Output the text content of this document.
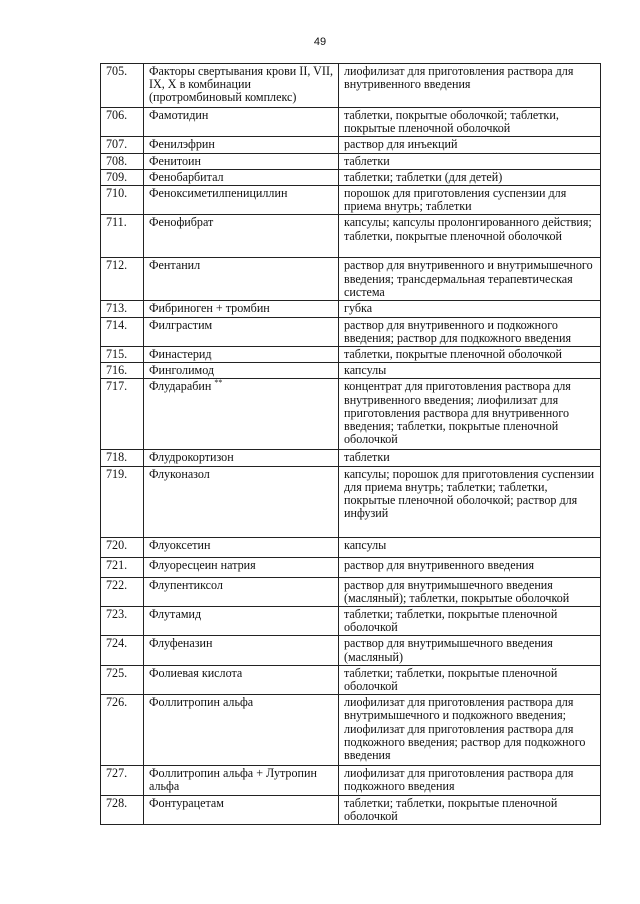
49
705.	Факторы свертывания крови II, VII, IX, X в комбинации (протромбиновый комплекс)	лиофилизат для приготовления раствора для внутривенного введения
706.	Фамотидин	таблетки, покрытые оболочкой; таблетки, покрытые пленочной оболочкой
707.	Фенилэфрин	раствор для инъекций
708.	Фенитоин	таблетки
709.	Фенобарбитал	таблетки; таблетки (для детей)
710.	Феноксиметилпенициллин	порошок для приготовления суспензии для приема внутрь; таблетки
711.	Фенофибрат	капсулы; капсулы пролонгированного действия; таблетки, покрытые пленочной оболочкой
712.	Фентанил	раствор для внутривенного и внутримышечного введения; трансдермальная терапевтическая система
713.	Фибриноген + тромбин	губка
714.	Филграстим	раствор для внутривенного и подкожного введения; раствор для подкожного введения
715.	Финастерид	таблетки, покрытые пленочной оболочкой
716.	Финголимод	капсулы
717.	Флударабин **	концентрат для приготовления раствора для внутривенного введения; лиофилизат для приготовления раствора для внутривенного введения; таблетки, покрытые пленочной оболочкой
718.	Флудрокортизон	таблетки
719.	Флуконазол	капсулы; порошок для приготовления суспензии для приема внутрь; таблетки; таблетки, покрытые пленочной оболочкой; раствор для инфузий
720.	Флуоксетин	капсулы
721.	Флуоресцеин натрия	раствор для внутривенного введения
722.	Флупентиксол	раствор для внутримышечного введения (масляный); таблетки, покрытые оболочкой
723.	Флутамид	таблетки; таблетки, покрытые пленочной оболочкой
724.	Флуфеназин	раствор для внутримышечного введения (масляный)
725.	Фолиевая кислота	таблетки; таблетки, покрытые пленочной оболочкой
726.	Фоллитропин альфа	лиофилизат для приготовления раствора для внутримышечного и подкожного введения; лиофилизат для приготовления раствора для подкожного введения; раствор для подкожного введения
727.	Фоллитропин альфа + Лутропин альфа	лиофилизат для приготовления раствора для подкожного введения
728.	Фонтурацетам	таблетки; таблетки, покрытые пленочной оболочкой
